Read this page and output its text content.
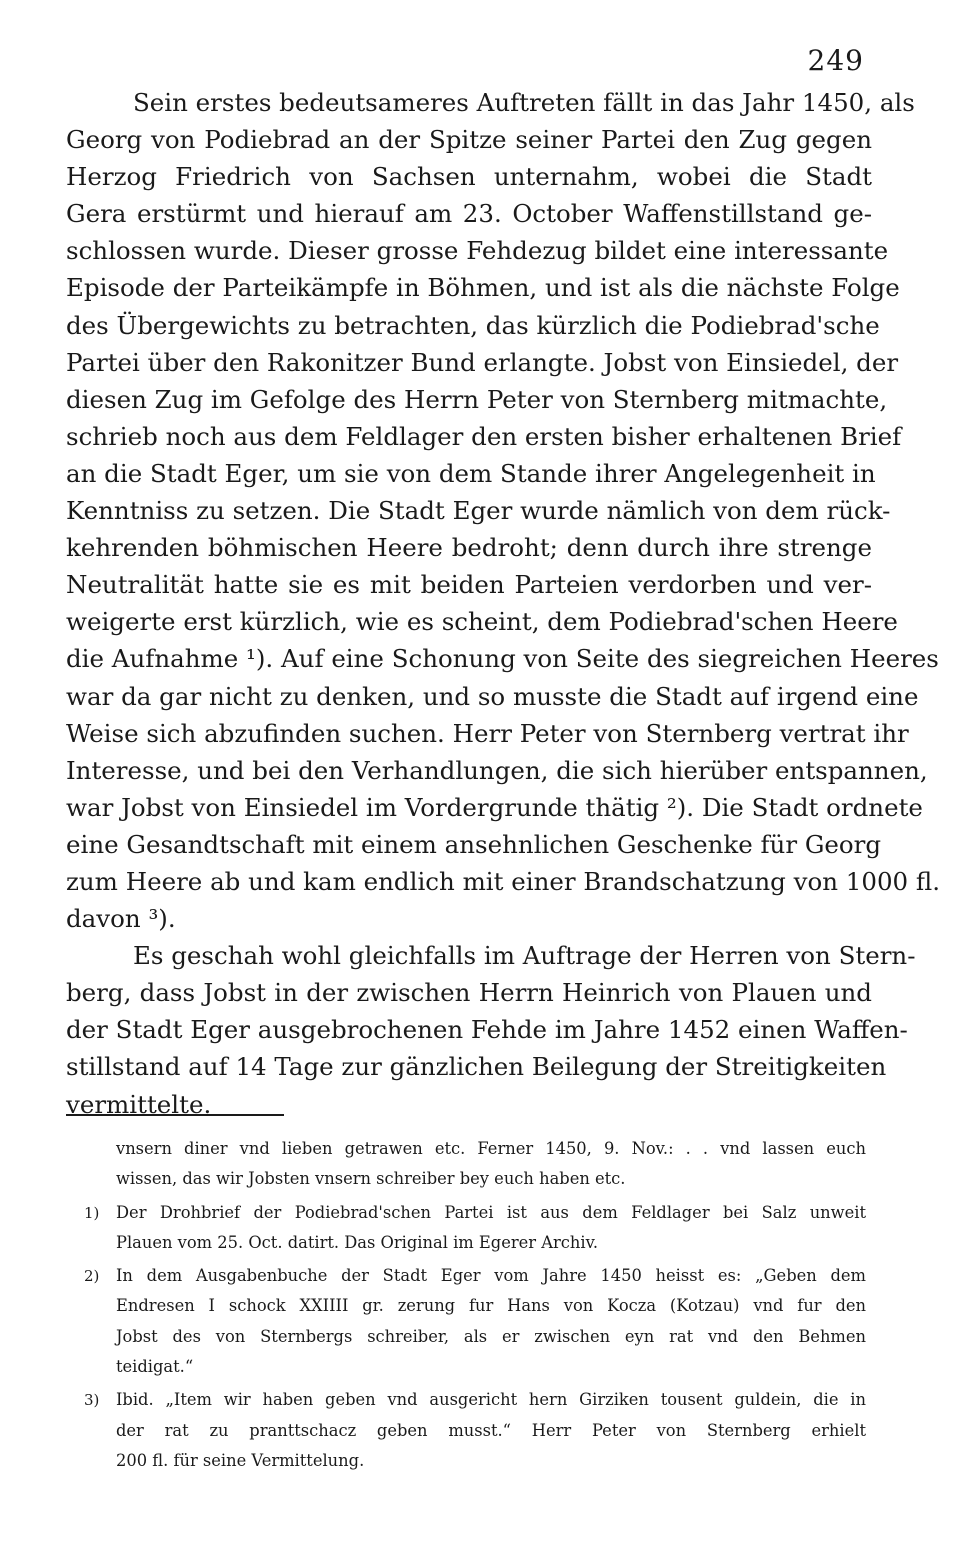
249
Sein erstes bedeutsameres Auftreten fällt in das Jahr 1450, als
Georg von Podiebrad an der Spitze seiner Partei den Zug gegen
Herzog Friedrich von Sachsen unternahm, wobei die Stadt
Gera erstürmt und hierauf am 23. October Waffenstillstand ge-
schlossen wurde. Dieser grosse Fehdezug bildet eine interessante
Episode der Parteikämpfe in Böhmen, und ist als die nächste Folge
des Übergewichts zu betrachten, das kürzlich die Podiebrad'sche
Partei über den Rakonitzer Bund erlangte. Jobst von Einsiedel, der
diesen Zug im Gefolge des Herrn Peter von Sternberg mitmachte,
schrieb noch aus dem Feldlager den ersten bisher erhaltenen Brief
an die Stadt Eger, um sie von dem Stande ihrer Angelegenheit in
Kenntniss zu setzen. Die Stadt Eger wurde nämlich von dem rück-
kehrenden böhmischen Heere bedroht; denn durch ihre strenge
Neutralität hatte sie es mit beiden Parteien verdorben und ver-
weigerte erst kürzlich, wie es scheint, dem Podiebrad'schen Heere
die Aufnahme ¹). Auf eine Schonung von Seite des siegreichen Heeres
war da gar nicht zu denken, und so musste die Stadt auf irgend eine
Weise sich abzufinden suchen. Herr Peter von Sternberg vertrat ihr
Interesse, und bei den Verhandlungen, die sich hierüber entspannen,
war Jobst von Einsiedel im Vordergrunde thätig ²). Die Stadt ordnete
eine Gesandtschaft mit einem ansehnlichen Geschenke für Georg
zum Heere ab und kam endlich mit einer Brandschatzung von 1000 fl.
davon ³).
Es geschah wohl gleichfalls im Auftrage der Herren von Stern-
berg, dass Jobst in der zwischen Herrn Heinrich von Plauen und
der Stadt Eger ausgebrochenen Fehde im Jahre 1452 einen Waffen-
stillstand auf 14 Tage zur gänzlichen Beilegung der Streitigkeiten
vermittelte.
vnsern diner vnd lieben getrawen etc. Ferner 1450, 9. Nov.: . . vnd lassen euch
wissen, das wir Jobsten vnsern schreiber bey euch haben etc.
1)	Der Drohbrief der Podiebrad'schen Partei ist aus dem Feldlager bei Salz unweit
Plauen vom 25. Oct. datirt. Das Original im Egerer Archiv.
2)	In dem Ausgabenbuche der Stadt Eger vom Jahre 1450 heisst es: „Geben dem
Endresen I schock XXIIII gr. zerung fur Hans von Kocza (Kotzau) vnd fur den
Jobst des von Sternbergs schreiber, als er zwischen eyn rat vnd den Behmen
teidigat.“
3)	Ibid. „Item wir haben geben vnd ausgericht hern Girziken tousent guldein, die in
der rat zu pranttschacz geben musst.“ Herr Peter von Sternberg erhielt
200 fl. für seine Vermittelung.
